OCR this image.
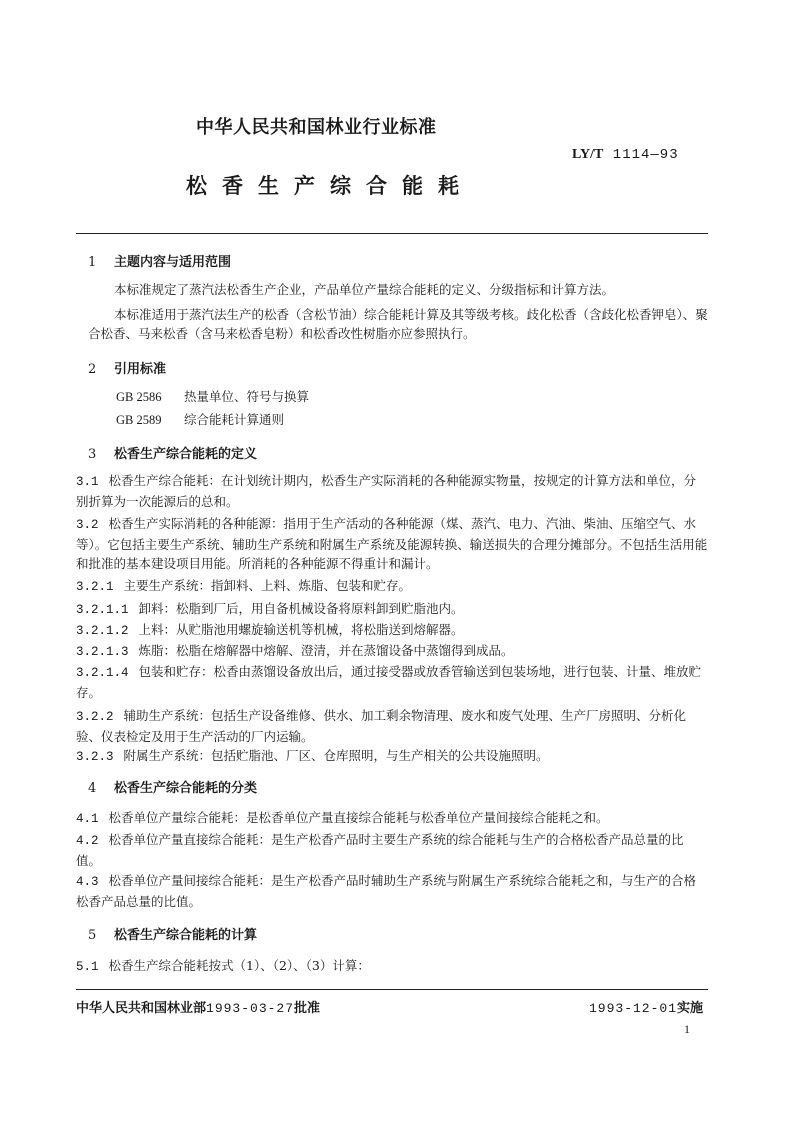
中华人民共和国林业行业标准
LY/T 1114—93
松香生产综合能耗
1 主题内容与适用范围
本标准规定了蒸汽法松香生产企业，产品单位产量综合能耗的定义、分级指标和计算方法。
本标准适用于蒸汽法生产的松香（含松节油）综合能耗计算及其等级考核。歧化松香（含歧化松香钾皂）、聚合松香、马来松香（含马来松香皂粉）和松香改性树脂亦应参照执行。
2 引用标准
GB 2586 热量单位、符号与换算
GB 2589 综合能耗计算通则
3 松香生产综合能耗的定义
3.1 松香生产综合能耗：在计划统计期内，松香生产实际消耗的各种能源实物量，按规定的计算方法和单位，分别折算为一次能源后的总和。
3.2 松香生产实际消耗的各种能源：指用于生产活动的各种能源（煤、蒸汽、电力、汽油、柴油、压缩空气、水等）。它包括主要生产系统、辅助生产系统和附属生产系统及能源转换、输送损失的合理分摊部分。不包括生活用能和批准的基本建设项目用能。所消耗的各种能源不得重计和漏计。
3.2.1 主要生产系统：指卸料、上料、炼脂、包装和贮存。
3.2.1.1 卸料：松脂到厂后，用自备机械设备将原料卸到贮脂池内。
3.2.1.2 上料：从贮脂池用螺旋输送机等机械，将松脂送到熔解器。
3.2.1.3 炼脂：松脂在熔解器中熔解、澄清，并在蒸馏设备中蒸馏得到成品。
3.2.1.4 包装和贮存：松香由蒸馏设备放出后，通过接受器或放香管输送到包装场地，进行包装、计量、堆放贮存。
3.2.2 辅助生产系统：包括生产设备维修、供水、加工剩余物清理、废水和废气处理、生产厂房照明、分析化验、仪表检定及用于生产活动的厂内运输。
3.2.3 附属生产系统：包括贮脂池、厂区、仓库照明，与生产相关的公共设施照明。
4 松香生产综合能耗的分类
4.1 松香单位产量综合能耗：是松香单位产量直接综合能耗与松香单位产量间接综合能耗之和。
4.2 松香单位产量直接综合能耗：是生产松香产品时主要生产系统的综合能耗与生产的合格松香产品总量的比值。
4.3 松香单位产量间接综合能耗：是生产松香产品时辅助生产系统与附属生产系统综合能耗之和，与生产的合格松香产品总量的比值。
5 松香生产综合能耗的计算
5.1 松香生产综合能耗按式（1）、（2）、（3）计算：
中华人民共和国林业部1993-03-27批准	1993-12-01实施
1
